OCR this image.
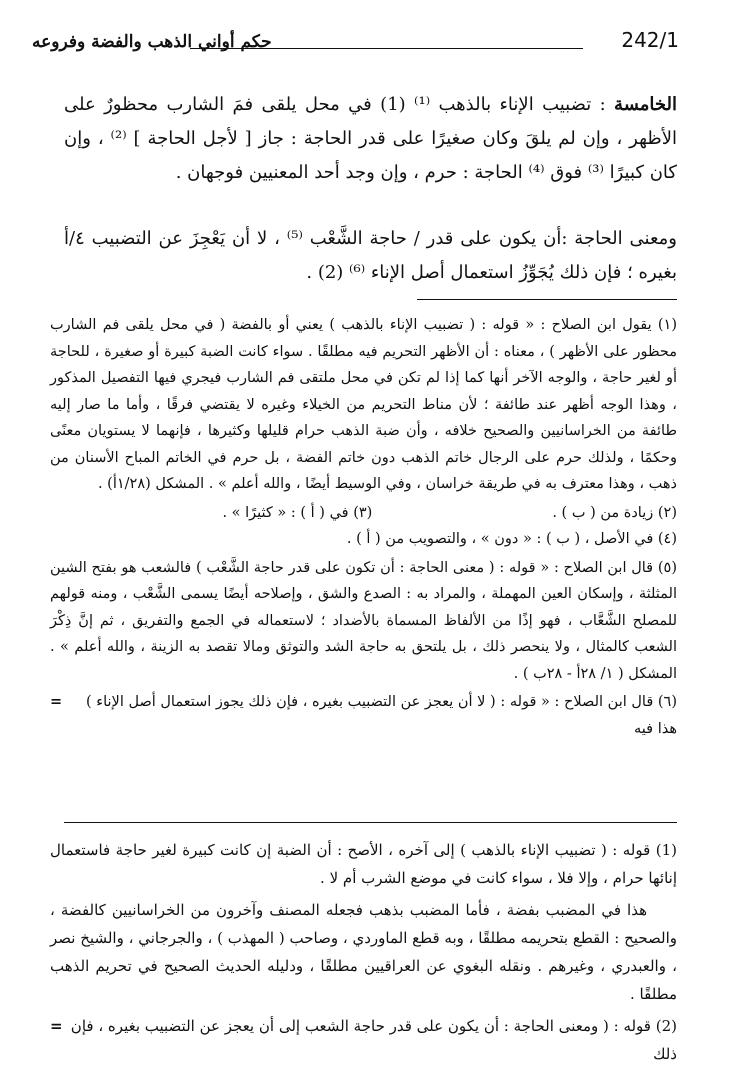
حكم أواني الذهب والفضة وفروعه	242/1

الخامسة : تضبيب الإناء بالذهب ⁽¹⁾ (1) في محل يلقى فمَ الشارب محظورٌ على الأظهر ، وإن لم يلقَ وكان صغيرًا على قدر الحاجة : جاز [ لأجل الحاجة ] ⁽²⁾ ، وإن كان كبيرًا ⁽³⁾ فوق ⁽⁴⁾ الحاجة : حرم ، وإن وجد أحد المعنيين فوجهان .

ومعنى الحاجة :أن يكون على قدر / حاجة الشَّعْب ⁽⁵⁾ ، لا أن يَعْجِزَ عن التضبيب ٤/أ بغيره ؛ فإن ذلك يُجَوِّزُ استعمال أصل الإناء ⁽⁶⁾ (2) .

(١) يقول ابن الصلاح : « قوله : ( تضبيب الإناء بالذهب ) يعني أو بالفضة ( في محل يلقى فم الشارب محظور على الأظهر ) ، معناه : أن الأظهر التحريم فيه مطلقًا . سواء كانت الضبة كبيرة أو صغيرة ، للحاجة أو لغير حاجة ، والوجه الآخر أنها كما إذا لم تكن في محل ملتقى فم الشارب فيجري فيها التفصيل المذكور ، وهذا الوجه أظهر عند طائفة ؛ لأن مناط التحريم من الخيلاء وغيره لا يقتضي فرقًا ، وأما ما صار إليه طائفة من الخراسانيين والصحيح خلافه ، وأن ضبة الذهب حرام قليلها وكثيرها ، فإنهما لا يستويان معنًى وحكمًا ، ولذلك حرم على الرجال خاتم الذهب دون خاتم الفضة ، بل حرم في الخاتم المباح الأسنان من ذهب ، وهذا معترف به في طريقة خراسان ، وفي الوسيط أيضًا ، والله أعلم » . المشكل (١/٢٨أ) .

(٢) زيادة من ( ب ) .
(٣) في ( أ ) : « كثيرًا » .

(٤) في الأصل ، ( ب ) : « دون » ، والتصويب من ( أ ) .

(٥) قال ابن الصلاح : « قوله : ( معنى الحاجة : أن تكون على قدر حاجة الشَّعْب ) فالشعب هو بفتح الشين المثلثة ، وإسكان العين المهملة ، والمراد به : الصدع والشق ، وإصلاحه أيضًا يسمى الشَّعْب ، ومنه قولهم للمصلح الشَّعَّاب ، فهو إذًا من الألفاظ المسماة بالأضداد ؛ لاستعماله في الجمع والتفريق ، ثم إنَّ ذِكْرَ الشعب كالمثال ، ولا ينحصر ذلك ، بل يلتحق به حاجة الشد والتوثق ومالا تقصد به الزينة ، والله أعلم » . المشكل ( ١/ ٢٨أ - ٢٨ب ) .

(٦) قال ابن الصلاح : « قوله : ( لا أن يعجز عن التضبيب بغيره ، فإن ذلك يجوز استعمال أصل الإناء ) هذا فيه
=

(1) قوله : ( تضبيب الإناء بالذهب ) إلى آخره ، الأصح : أن الضبة إن كانت كبيرة لغير حاجة فاستعمال إنائها حرام ، وإلا فلا ، سواء كانت في موضع الشرب أم لا .

هذا في المضبب بفضة ، فأما المضبب بذهب فجعله المصنف وآخرون من الخراسانيين كالفضة ، والصحيح : القطع بتحريمه مطلقًا ، وبه قطع الماوردي ، وصاحب ( المهذب ) ، والجرجاني ، والشيخ نصر ، والعبدري ، وغيرهم . ونقله البغوي عن العراقيين مطلقًا ، ودليله الحديث الصحيح في تحريم الذهب مطلقًا .

(2) قوله : ( ومعنى الحاجة : أن يكون على قدر حاجة الشعب إلى أن يعجز عن التضبيب بغيره ، فإن ذلك
=
